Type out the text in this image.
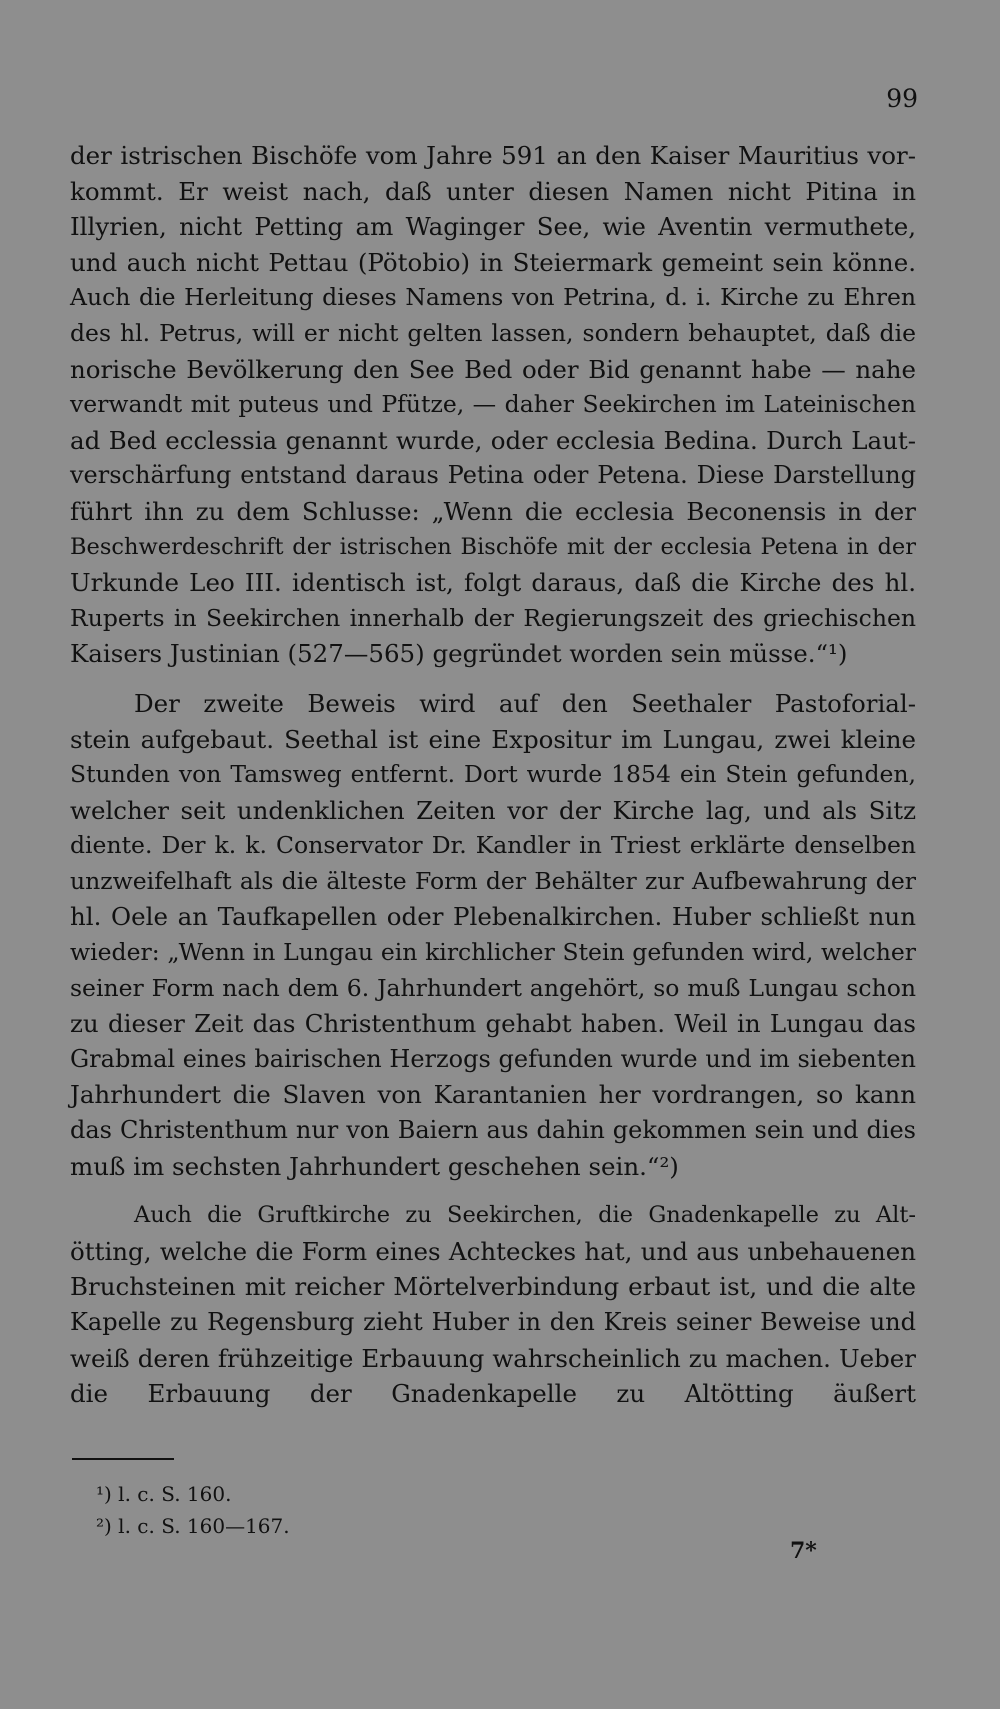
99
der istrischen Bischöfe vom Jahre 591 an den Kaiser Mauritius vor-
kommt. Er weist nach, daß unter diesen Namen nicht Pitina in
Illyrien, nicht Petting am Waginger See, wie Aventin vermuthete,
und auch nicht Pettau (Pötobio) in Steiermark gemeint sein könne.
Auch die Herleitung dieses Namens von Petrina, d. i. Kirche zu Ehren
des hl. Petrus, will er nicht gelten lassen, sondern behauptet, daß die
norische Bevölkerung den See Bed oder Bid genannt habe — nahe
verwandt mit puteus und Pfütze, — daher Seekirchen im Lateinischen
ad Bed ecclessia genannt wurde, oder ecclesia Bedina. Durch Laut-
verschärfung entstand daraus Petina oder Petena. Diese Darstellung
führt ihn zu dem Schlusse: „Wenn die ecclesia Beconensis in der
Beschwerdeschrift der istrischen Bischöfe mit der ecclesia Petena in der
Urkunde Leo III. identisch ist, folgt daraus, daß die Kirche des hl.
Ruperts in Seekirchen innerhalb der Regierungszeit des griechischen
Kaisers Justinian (527—565) gegründet worden sein müsse.“¹)
Der zweite Beweis wird auf den Seethaler Pastoforial-
stein aufgebaut. Seethal ist eine Expositur im Lungau, zwei kleine
Stunden von Tamsweg entfernt. Dort wurde 1854 ein Stein gefunden,
welcher seit undenklichen Zeiten vor der Kirche lag, und als Sitz
diente. Der k. k. Conservator Dr. Kandler in Triest erklärte denselben
unzweifelhaft als die älteste Form der Behälter zur Aufbewahrung der
hl. Oele an Taufkapellen oder Plebenalkirchen. Huber schließt nun
wieder: „Wenn in Lungau ein kirchlicher Stein gefunden wird, welcher
seiner Form nach dem 6. Jahrhundert angehört, so muß Lungau schon
zu dieser Zeit das Christenthum gehabt haben. Weil in Lungau das
Grabmal eines bairischen Herzogs gefunden wurde und im siebenten
Jahrhundert die Slaven von Karantanien her vordrangen, so kann
das Christenthum nur von Baiern aus dahin gekommen sein und dies
muß im sechsten Jahrhundert geschehen sein.“²)
Auch die Gruftkirche zu Seekirchen, die Gnadenkapelle zu Alt-
ötting, welche die Form eines Achteckes hat, und aus unbehauenen
Bruchsteinen mit reicher Mörtelverbindung erbaut ist, und die alte
Kapelle zu Regensburg zieht Huber in den Kreis seiner Beweise und
weiß deren frühzeitige Erbauung wahrscheinlich zu machen. Ueber
die Erbauung der Gnadenkapelle zu Altötting äußert
¹) l. c. S. 160.
²) l. c. S. 160—167.
7*
